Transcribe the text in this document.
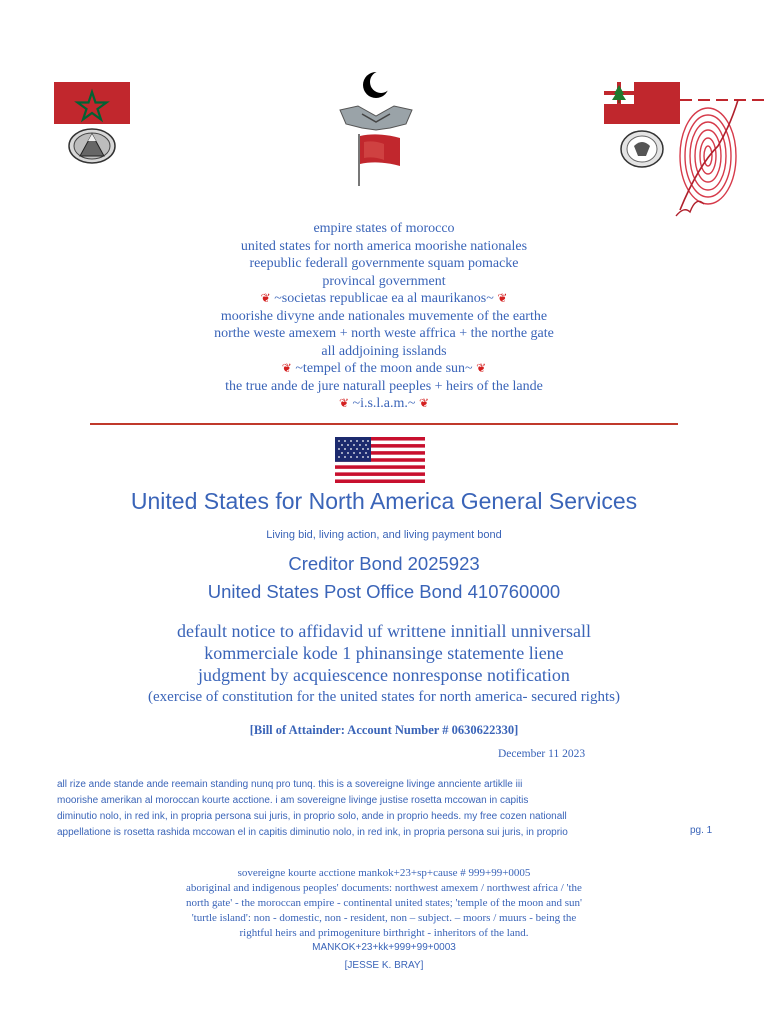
empire states of morocco
united states for north america moorishe nationales
reepublic federall governmente squam pomacke
provincal government
❦ ~societas republicae ea al maurikanos~ ❦
moorishe divyne ande nationales muvemente of the earthe
northe weste amexem + north weste affrica + the northe gate
all addjoining isslands
❦ ~tempel of the moon ande sun~ ❦
the true ande de jure naturall peeples + heirs of the lande
❦ ~i.s.l.a.m.~ ❦
United States for North America General Services
Living bid, living action, and living payment bond
Creditor Bond 2025923
United States Post Office Bond 410760000
default notice to affidavid uf writtene innitiall unniversall
kommerciale kode 1 phinansinge statemente liene
judgment by acquiescence nonresponse notification
(exercise of constitution for the united states for north america- secured rights)
[Bill of Attainder: Account Number # 0630622330]
December 11 2023
all rize ande stande ande reemain standing nunq pro tunq. this is a sovereigne livinge annciente artiklle iii
moorishe amerikan al moroccan kourte acctione. i am sovereigne livinge justise rosetta mccowan in capitis
diminutio nolo, in red ink, in propria persona sui juris, in proprio solo, ande in proprio heeds. my free cozen nationall
appellatione is rosetta rashida mccowan el in capitis diminutio nolo, in red ink, in propria persona sui juris, in proprio	pg. 1
sovereigne kourte acctione mankok+23+sp+cause # 999+99+0005
aboriginal and indigenous peoples' documents: northwest amexem / northwest africa / 'the
north gate' - the moroccan empire - continental united states; 'temple of the moon and sun'
'turtle island': non - domestic, non - resident, non – subject. – moors / muurs - being the
rightful heirs and primogeniture birthright - inheritors of the land.
MANKOK+23+kk+999+99+0003
[JESSE K. BRAY]
